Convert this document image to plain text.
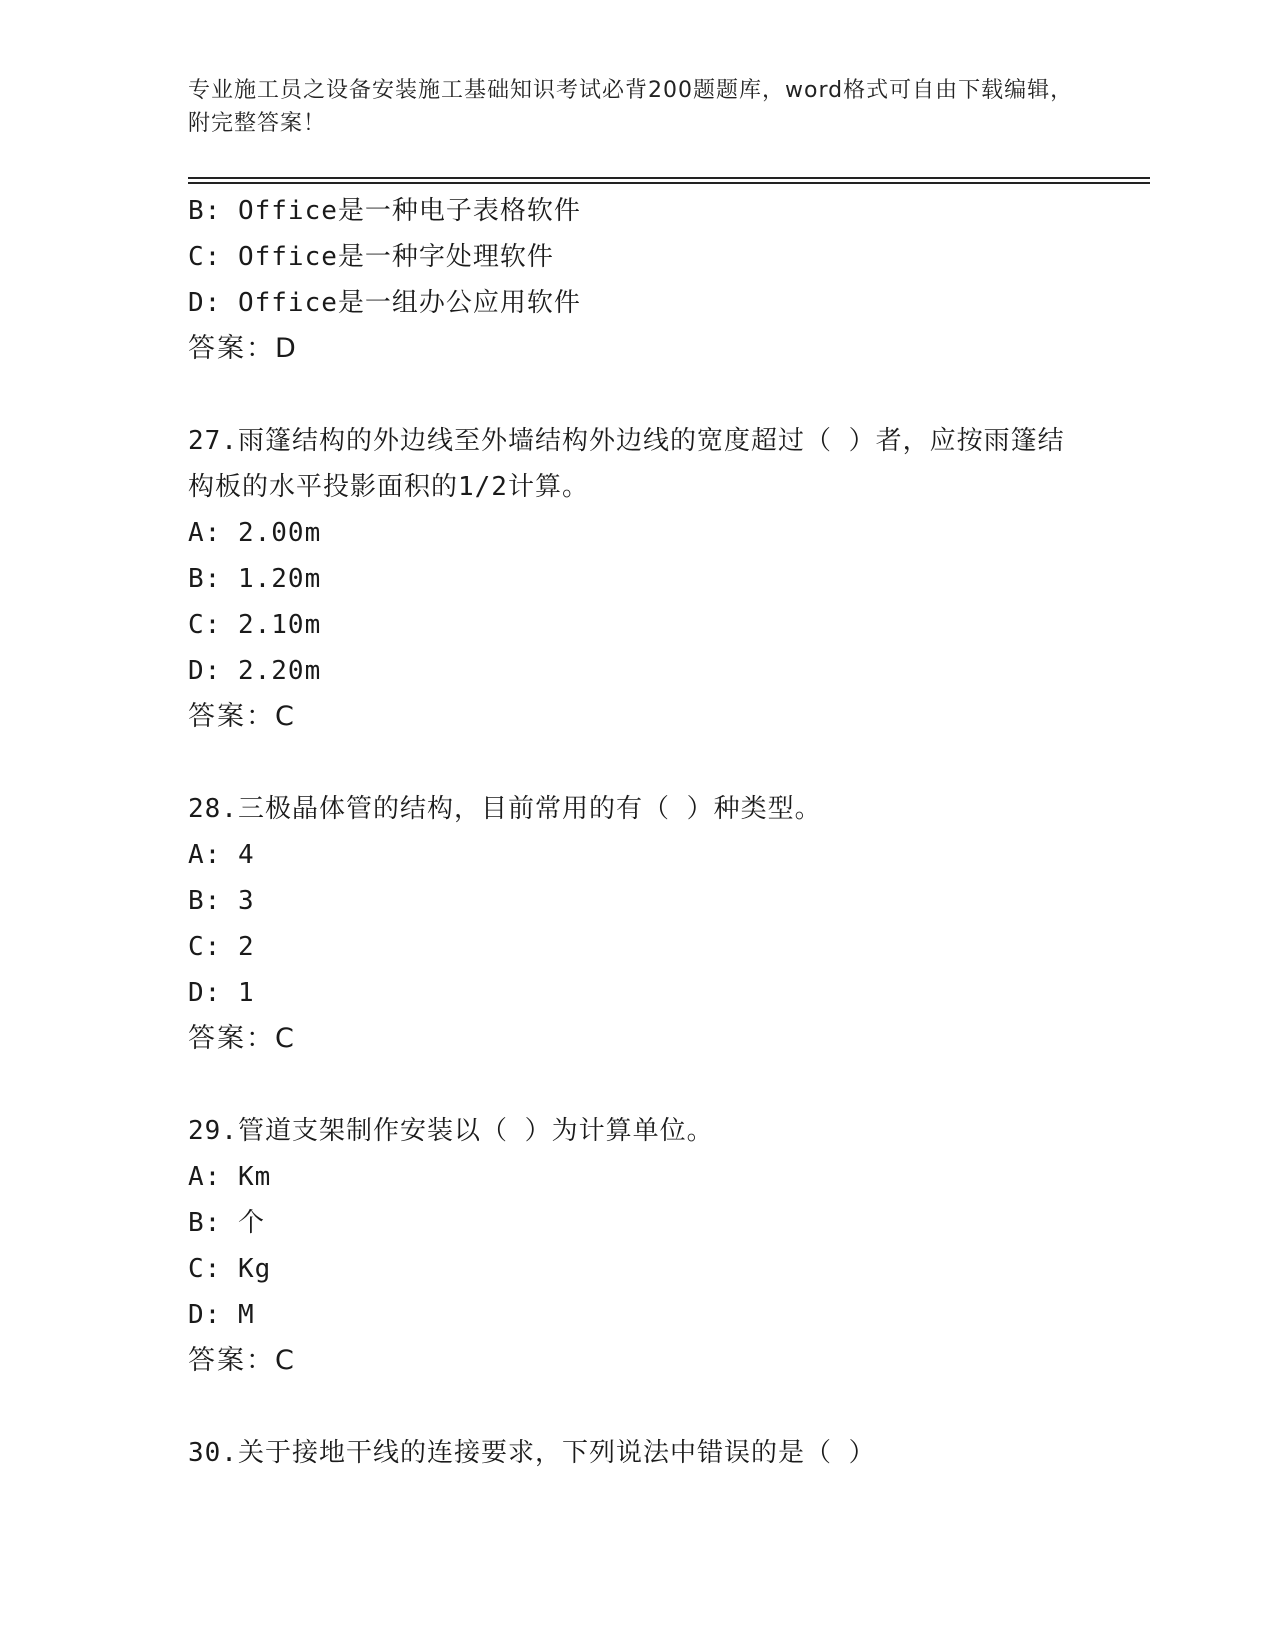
专业施工员之设备安装施工基础知识考试必背200题题库，word格式可自由下载编辑，附完整答案！
B: Office是一种电子表格软件
C: Office是一种字处理软件
D: Office是一组办公应用软件
答案：D
27.雨篷结构的外边线至外墙结构外边线的宽度超过（ ）者，应按雨篷结构板的水平投影面积的1/2计算。
A: 2.00m
B: 1.20m
C: 2.10m
D: 2.20m
答案：C
28.三极晶体管的结构，目前常用的有（ ）种类型。
A: 4
B: 3
C: 2
D: 1
答案：C
29.管道支架制作安装以（ ）为计算单位。
A: Km
B: 个
C: Kg
D: M
答案：C
30.关于接地干线的连接要求，下列说法中错误的是（ ）
